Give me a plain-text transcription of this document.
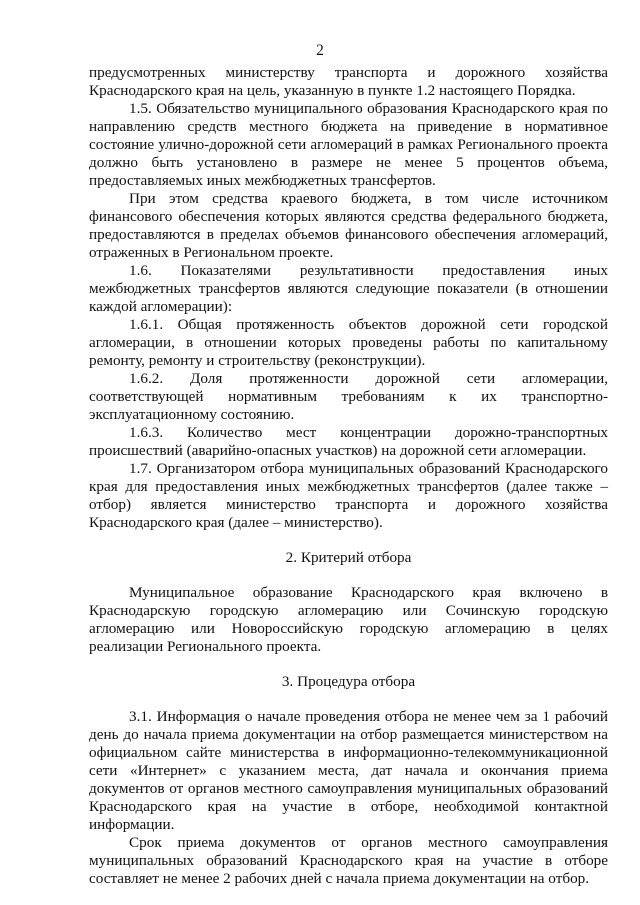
2

предусмотренных министерству транспорта и дорожного хозяйства Краснодарского края на цель, указанную в пункте 1.2 настоящего Порядка.

1.5. Обязательство муниципального образования Краснодарского края по направлению средств местного бюджета на приведение в нормативное состояние улично-дорожной сети агломераций в рамках Регионального проекта должно быть установлено в размере не менее 5 процентов объема, предоставляемых иных межбюджетных трансфертов.

При этом средства краевого бюджета, в том числе источником финансового обеспечения которых являются средства федерального бюджета, предоставляются в пределах объемов финансового обеспечения агломераций, отраженных в Региональном проекте.

1.6. Показателями результативности предоставления иных межбюджетных трансфертов являются следующие показатели (в отношении каждой агломерации):

1.6.1. Общая протяженность объектов дорожной сети городской агломерации, в отношении которых проведены работы по капитальному ремонту, ремонту и строительству (реконструкции).

1.6.2. Доля протяженности дорожной сети агломерации, соответствующей нормативным требованиям к их транспортно-эксплуатационному состоянию.

1.6.3. Количество мест концентрации дорожно-транспортных происшествий (аварийно-опасных участков) на дорожной сети агломерации.

1.7. Организатором отбора муниципальных образований Краснодарского края для предоставления иных межбюджетных трансфертов (далее также – отбор) является министерство транспорта и дорожного хозяйства Краснодарского края (далее – министерство).

2. Критерий отбора

Муниципальное образование Краснодарского края включено в Краснодарскую городскую агломерацию или Сочинскую городскую агломерацию или Новороссийскую городскую агломерацию в целях реализации Регионального проекта.

3. Процедура отбора

3.1. Информация о начале проведения отбора не менее чем за 1 рабочий день до начала приема документации на отбор размещается министерством на официальном сайте министерства в информационно-телекоммуникационной сети «Интернет» с указанием места, дат начала и окончания приема документов от органов местного самоуправления муниципальных образований Краснодарского края на участие в отборе, необходимой контактной информации.

Срок приема документов от органов местного самоуправления муниципальных образований Краснодарского края на участие в отборе составляет не менее 2 рабочих дней с начала приема документации на отбор.
